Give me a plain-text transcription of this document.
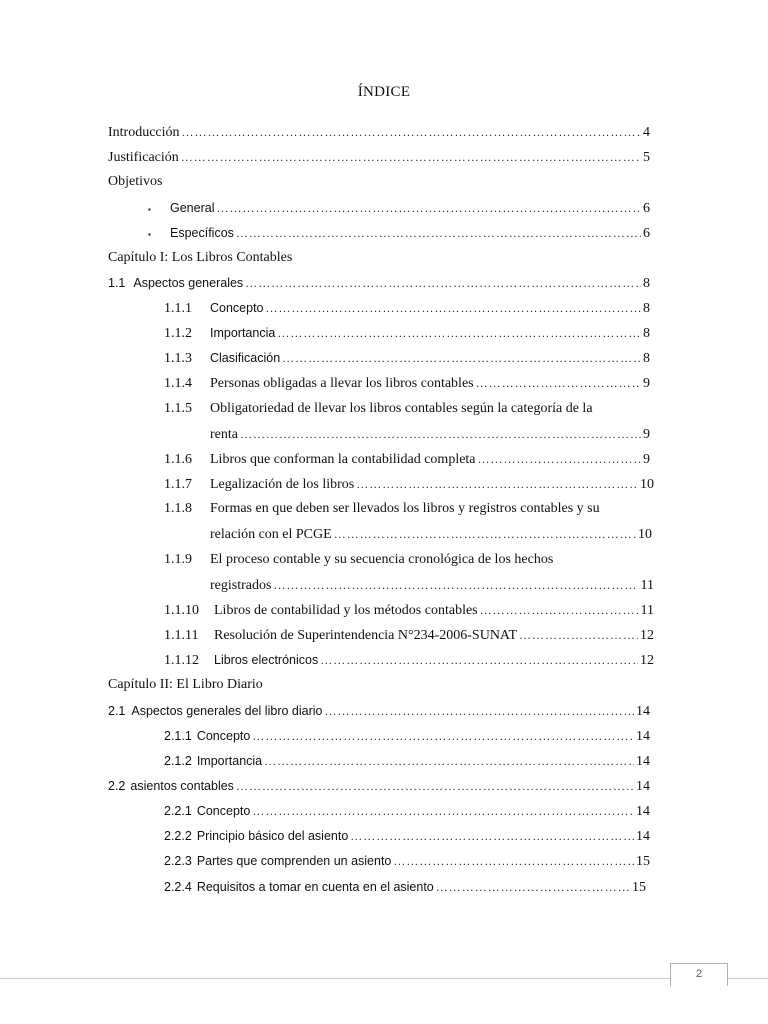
ÍNDICE
Introducción ……………………………………………………………………………………………………………………………………………………………………………………………………	4
Justificación ……………………………………………………………………………………………………………………………………………………………………………………………………	5
Objetivos
▪	General ……………………………………………………………………………………………………………………………………………………………………………………………………	6
▪	Específicos ……………………………………………………………………………………………………………………………………………………………………………………………………	6
Capítulo I: Los Libros Contables
1.1 Aspectos generales ……………………………………………………………………………………………………………………………………………………………………………………………………	8
1.1.1	Concepto ……………………………………………………………………………………………………………………………………………………………………………………………………	8
1.1.2	Importancia ……………………………………………………………………………………………………………………………………………………………………………………………………	8
1.1.3	Clasificación ……………………………………………………………………………………………………………………………………………………………………………………………………	8
1.1.4	Personas obligadas a llevar los libros contables ……………………………………………………………………………………………………………………………………………………………………………………………………	9
1.1.5	Obligatoriedad de llevar los libros contables según la categoría de la
renta ……………………………………………………………………………………………………………………………………………………………………………………………………	9
1.1.6	Libros que conforman la contabilidad completa ……………………………………………………………………………………………………………………………………………………………………………………………………	9
1.1.7	Legalización de los libros ……………………………………………………………………………………………………………………………………………………………………………………………………	10
1.1.8	Formas en que deben ser llevados los libros y registros contables y su
relación con el PCGE ……………………………………………………………………………………………………………………………………………………………………………………………………	10
1.1.9	El proceso contable y su secuencia cronológica de los hechos
registrados ……………………………………………………………………………………………………………………………………………………………………………………………………	11
1.1.10	Libros de contabilidad y los métodos contables ……………………………………………………………………………………………………………………………………………………………………………………………………	11
1.1.11	Resolución de Superintendencia N°234-2006-SUNAT ……………………………………………………………………………………………………………………………………………………………………………………………………	12
1.1.12	Libros electrónicos ……………………………………………………………………………………………………………………………………………………………………………………………………	12
Capítulo II: El Libro Diario
2.1 Aspectos generales del libro diario ……………………………………………………………………………………………………………………………………………………………………………………………………	14
2.1.1 Concepto ……………………………………………………………………………………………………………………………………………………………………………………………………	14
2.1.2 Importancia ……………………………………………………………………………………………………………………………………………………………………………………………………	14
2.2 asientos contables ……………………………………………………………………………………………………………………………………………………………………………………………………	14
2.2.1 Concepto ……………………………………………………………………………………………………………………………………………………………………………………………………	14
2.2.2 Principio básico del asiento ……………………………………………………………………………………………………………………………………………………………………………………………………	14
2.2.3 Partes que comprenden un asiento ……………………………………………………………………………………………………………………………………………………………………………………………………	15
2.2.4 Requisitos a tomar en cuenta en el asiento ……………………………………………………………………………………………………………………………………………………………………………………………………	15
2
